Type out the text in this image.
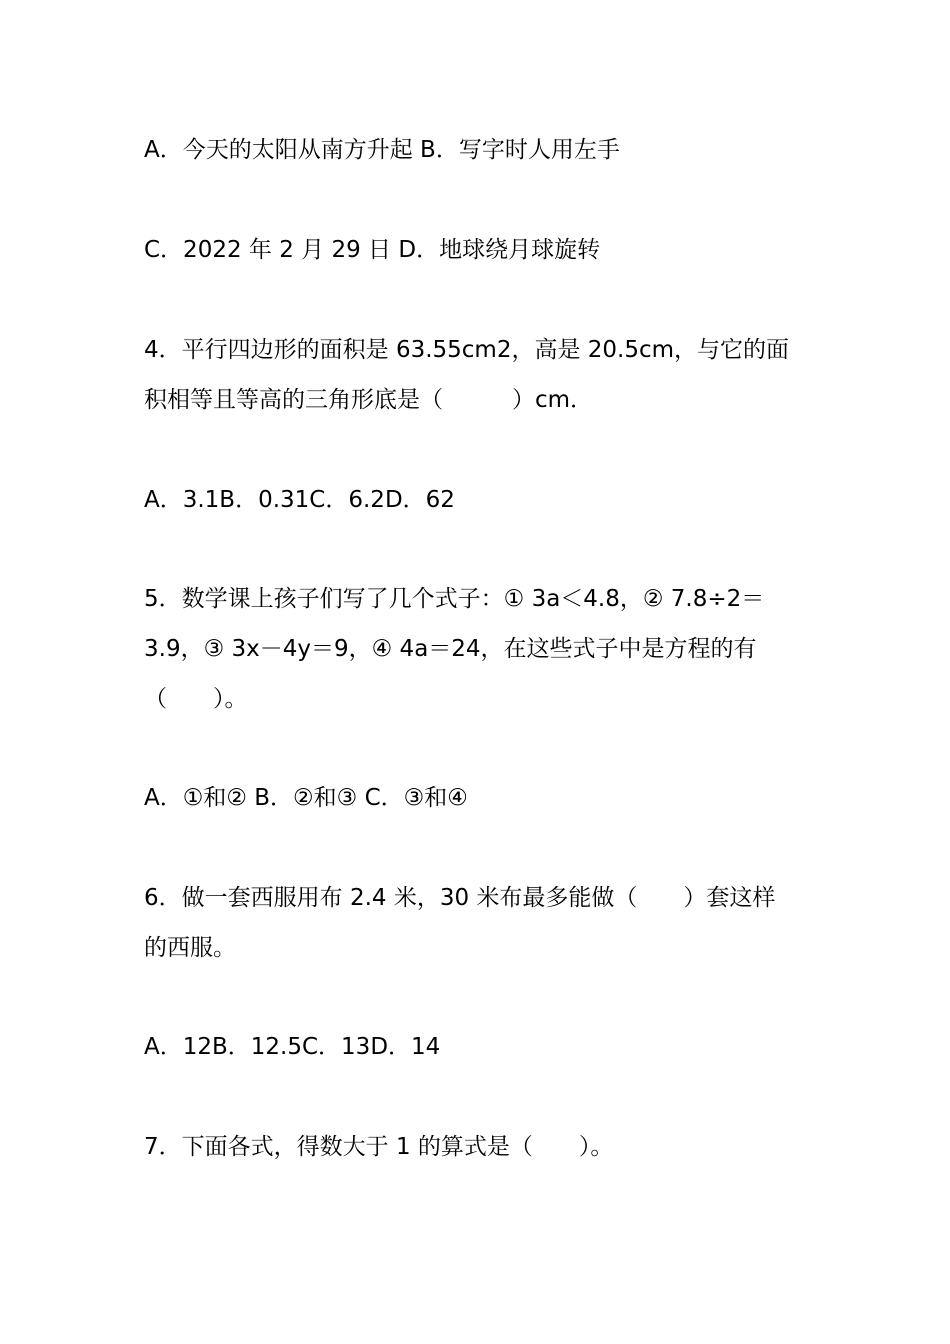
A．今天的太阳从南方升起 B．写字时人用左手
C．2022 年 2 月 29 日 D．地球绕月球旋转
4．平行四边形的面积是 63.55cm2，高是 20.5cm，与它的面
积相等且等高的三角形底是（　　　）cm．
A．3.1B．0.31C．6.2D．62
5．数学课上孩子们写了几个式子：① 3a＜4.8，② 7.8÷2＝
3.9，③ 3x－4y＝9，④ 4a＝24，在这些式子中是方程的有
（　　）。
A．①和② B．②和③ C．③和④
6．做一套西服用布 2.4 米，30 米布最多能做（　　）套这样
的西服。
A．12B．12.5C．13D．14
7．下面各式，得数大于 1 的算式是（　　）。
